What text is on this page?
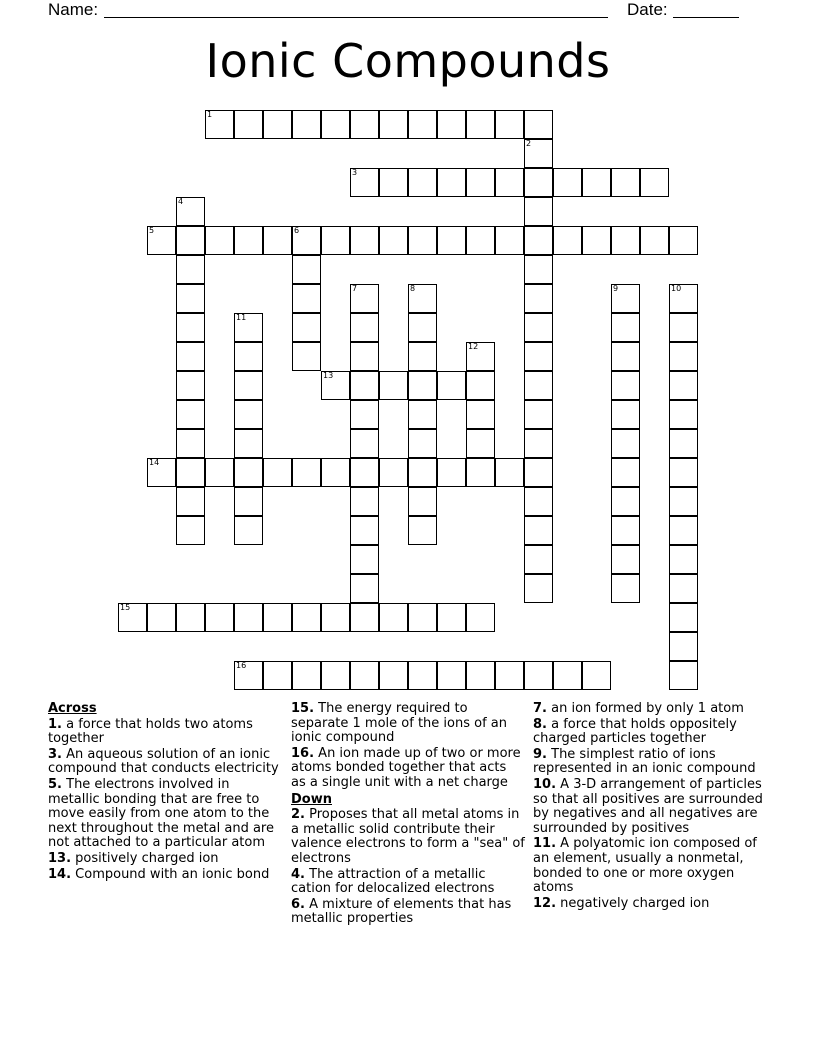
Name:	Date:
Ionic Compounds
1
2
3
4
5	6
7	8	9	10
11
12
13
14
15
16
Across
1. a force that holds two atoms together
3. An aqueous solution of an ionic compound that conducts electricity
5. The electrons involved in metallic bonding that are free to move easily from one atom to the next throughout the metal and are not attached to a particular atom
13. positively charged ion
14. Compound with an ionic bond
15. The energy required to separate 1 mole of the ions of an ionic compound
16. An ion made up of two or more atoms bonded together that acts as a single unit with a net charge
Down
2. Proposes that all metal atoms in a metallic solid contribute their valence electrons to form a "sea" of electrons
4. The attraction of a metallic cation for delocalized electrons
6. A mixture of elements that has metallic properties
7. an ion formed by only 1 atom
8. a force that holds oppositely charged particles together
9. The simplest ratio of ions represented in an ionic compound
10. A 3-D arrangement of particles so that all positives are surrounded by negatives and all negatives are surrounded by positives
11. A polyatomic ion composed of an element, usually a nonmetal, bonded to one or more oxygen atoms
12. negatively charged ion
